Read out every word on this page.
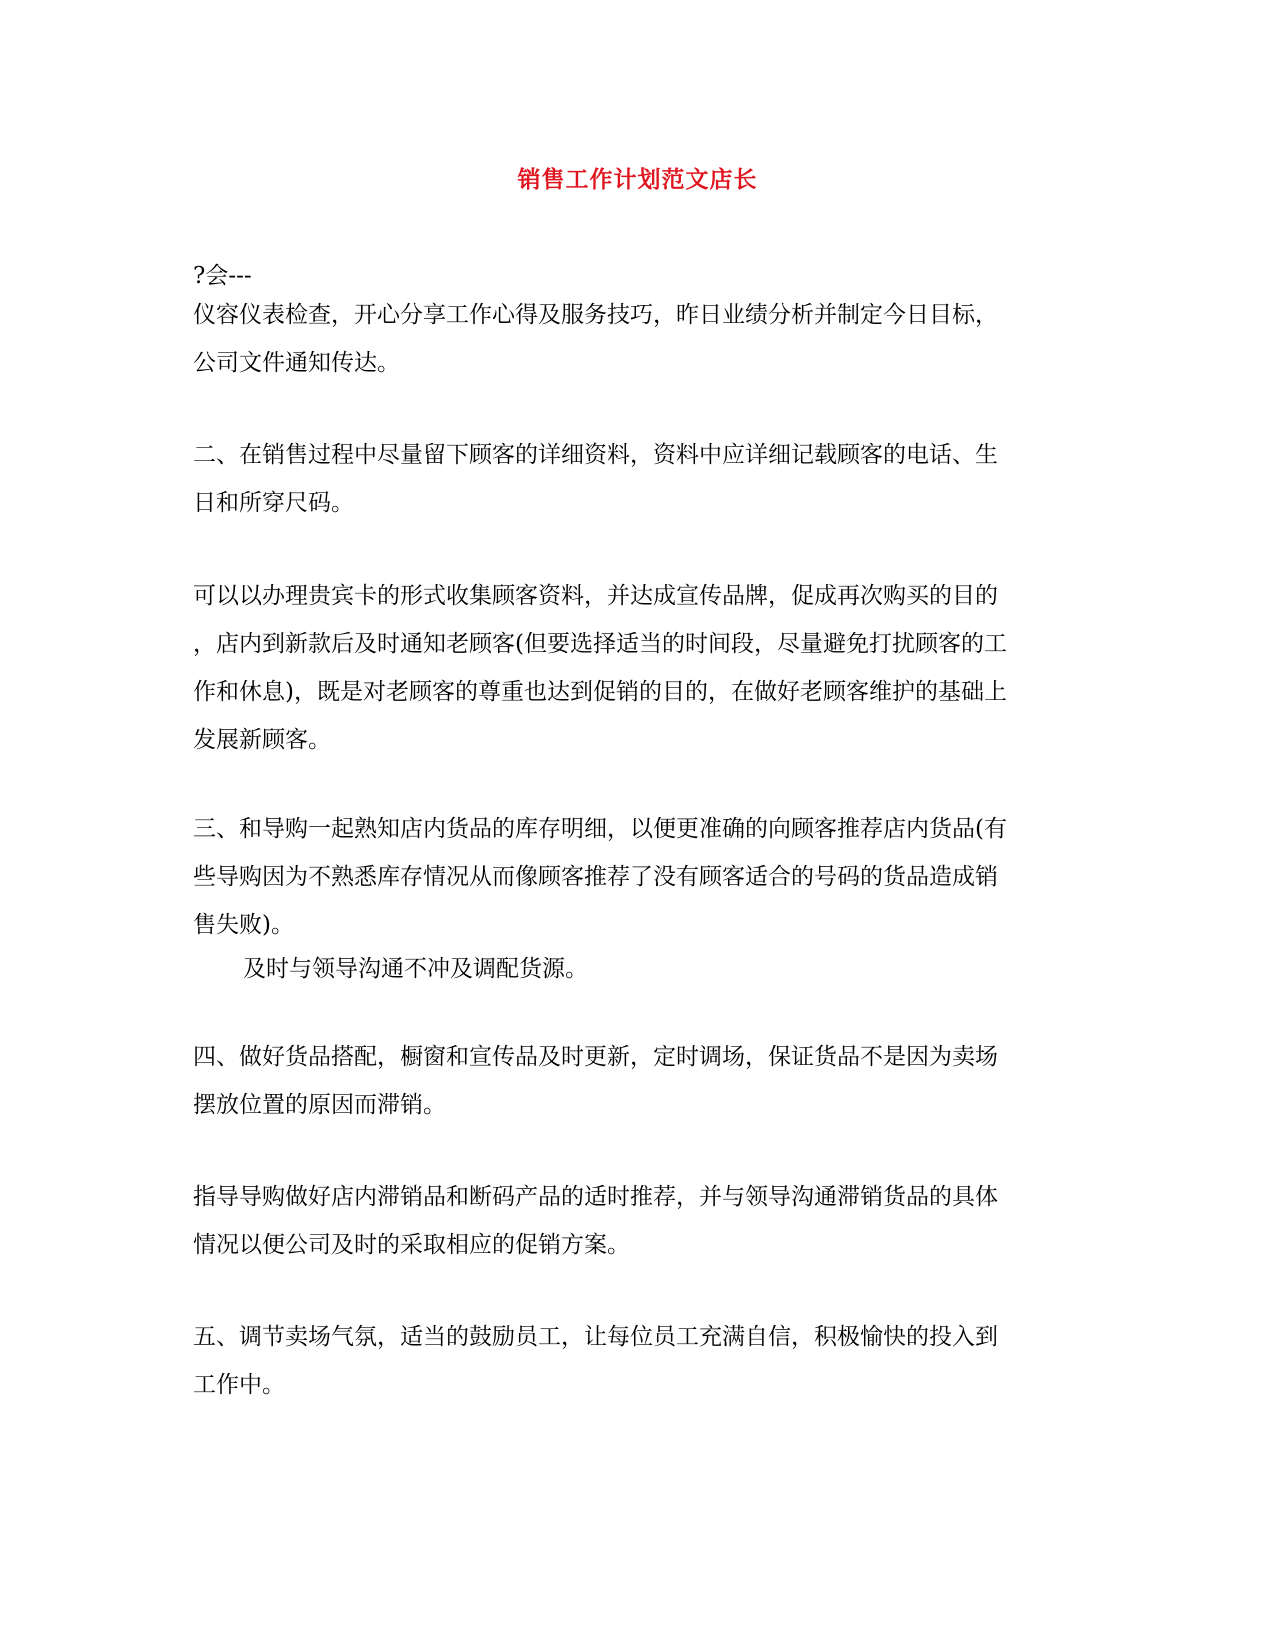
销售工作计划范文店长
?会---
仪容仪表检查，开心分享工作心得及服务技巧，昨日业绩分析并制定今日目标，
公司文件通知传达。
二、在销售过程中尽量留下顾客的详细资料，资料中应详细记载顾客的电话、生
日和所穿尺码。
可以以办理贵宾卡的形式收集顾客资料，并达成宣传品牌，促成再次购买的目的
，店内到新款后及时通知老顾客(但要选择适当的时间段，尽量避免打扰顾客的工
作和休息)，既是对老顾客的尊重也达到促销的目的，在做好老顾客维护的基础上
发展新顾客。
三、和导购一起熟知店内货品的库存明细，以便更准确的向顾客推荐店内货品(有
些导购因为不熟悉库存情况从而像顾客推荐了没有顾客适合的号码的货品造成销
售失败)。
及时与领导沟通不冲及调配货源。
四、做好货品搭配，橱窗和宣传品及时更新，定时调场，保证货品不是因为卖场
摆放位置的原因而滞销。
指导导购做好店内滞销品和断码产品的适时推荐，并与领导沟通滞销货品的具体
情况以便公司及时的采取相应的促销方案。
五、调节卖场气氛，适当的鼓励员工，让每位员工充满自信，积极愉快的投入到
工作中。
